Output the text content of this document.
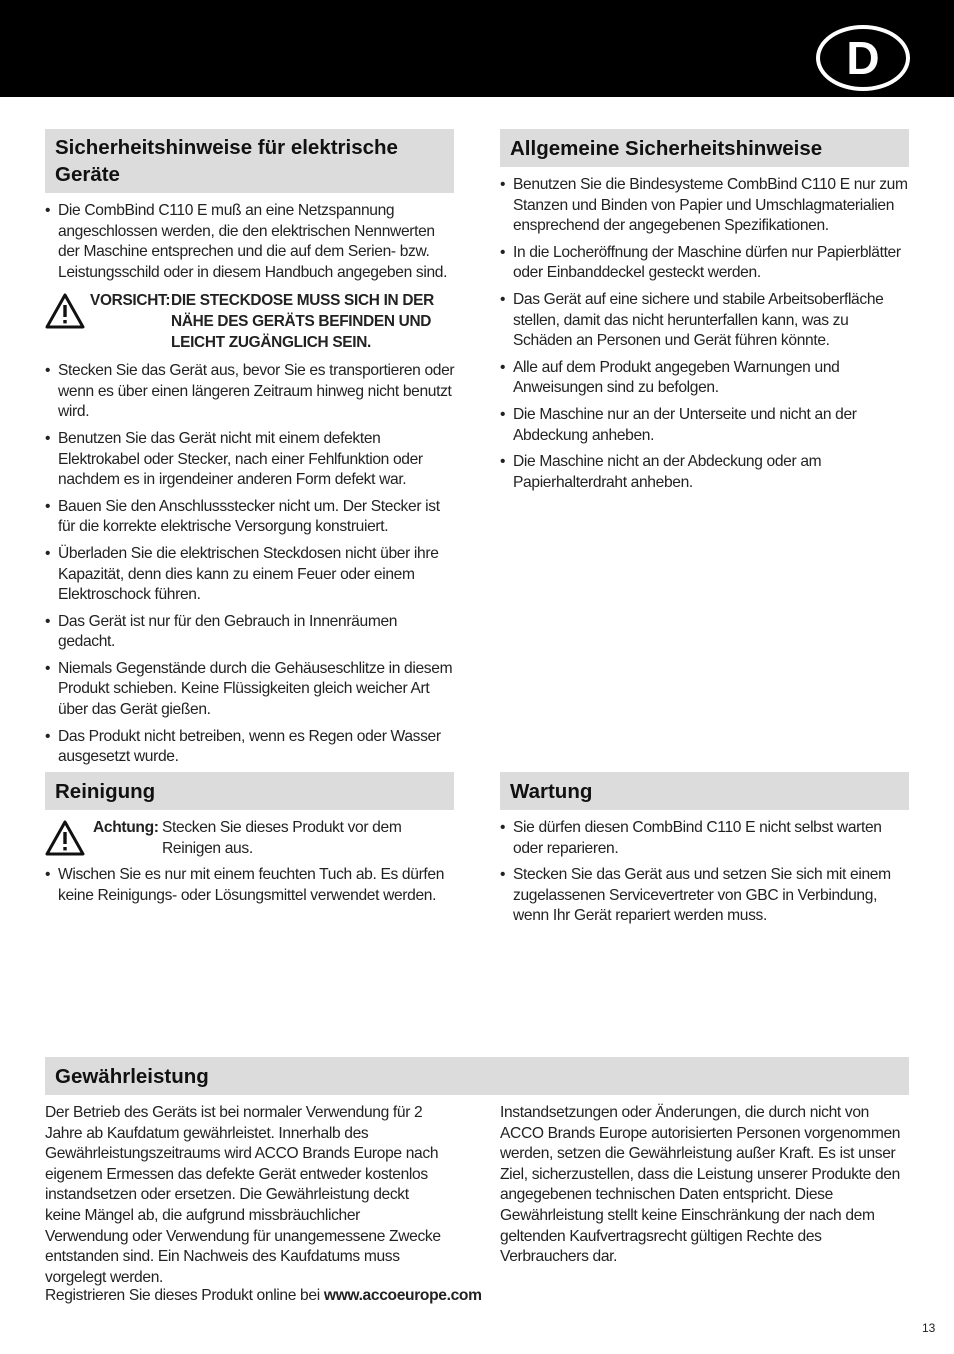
D
Sicherheitshinweise für elektrische Geräte
• Die CombBind C110 E muß an eine Netzspannung angeschlossen werden, die den elektrischen Nennwerten der Maschine entsprechen und die auf dem Serien- bzw. Leistungsschild oder in diesem Handbuch angegeben sind.
VORSICHT:DIE STECKDOSE MUSS SICH IN DER NÄHE DES GERÄTS BEFINDEN UND LEICHT ZUGÄNGLICH SEIN.
• Stecken Sie das Gerät aus, bevor Sie es transportieren oder wenn es über einen längeren Zeitraum hinweg nicht benutzt wird.
• Benutzen Sie das Gerät nicht mit einem defekten Elektrokabel oder Stecker, nach einer Fehlfunktion oder nachdem es in irgendeiner anderen Form defekt war.
• Bauen Sie den Anschlussstecker nicht um. Der Stecker ist für die korrekte elektrische Versorgung konstruiert.
• Überladen Sie die elektrischen Steckdosen nicht über ihre Kapazität, denn dies kann zu einem Feuer oder einem Elektroschock führen.
• Das Gerät ist nur für den Gebrauch in Innenräumen gedacht.
• Niemals Gegenstände durch die Gehäuseschlitze in diesem Produkt schieben. Keine Flüssigkeiten gleich weicher Art über das Gerät gießen.
• Das Produkt nicht betreiben, wenn es Regen oder Wasser ausgesetzt wurde.
Allgemeine Sicherheitshinweise
• Benutzen Sie die Bindesysteme CombBind C110 E nur zum Stanzen und Binden von Papier und Umschlagmaterialien ensprechend der angegebenen Spezifikationen.
• In die Locheröffnung der Maschine dürfen nur Papierblätter oder Einbanddeckel gesteckt werden.
• Das Gerät auf eine sichere und stabile Arbeitsoberfläche stellen, damit das nicht herunterfallen kann, was zu Schäden an Personen und Gerät führen könnte.
• Alle auf dem Produkt angegeben Warnungen und Anweisungen sind zu befolgen.
• Die Maschine nur an der Unterseite und nicht an der Abdeckung anheben.
• Die Maschine nicht an der Abdeckung oder am Papierhalterdraht anheben.
Reinigung
Achtung: Stecken Sie dieses Produkt vor dem Reinigen aus.
• Wischen Sie es nur mit einem feuchten Tuch ab. Es dürfen keine Reinigungs- oder Lösungsmittel verwendet werden.
Wartung
• Sie dürfen diesen CombBind C110 E nicht selbst warten oder reparieren.
• Stecken Sie das Gerät aus und setzen Sie sich mit einem zugelassenen Servicevertreter von GBC in Verbindung, wenn Ihr Gerät repariert werden muss.
Gewährleistung

Der Betrieb des Geräts ist bei normaler Verwendung für 2 Jahre ab Kaufdatum gewährleistet. Innerhalb des Gewährleistungszeitraums wird ACCO Brands Europe nach eigenem Ermessen das defekte Gerät entweder kostenlos instandsetzen oder ersetzen. Die Gewährleistung deckt keine Mängel ab, die aufgrund missbräuchlicher Verwendung oder Verwendung für unangemessene Zwecke entstanden sind. Ein Nachweis des Kaufdatums muss vorgelegt werden.

Instandsetzungen oder Änderungen, die durch nicht von ACCO Brands Europe autorisierten Personen vorgenommen werden, setzen die Gewährleistung außer Kraft. Es ist unser Ziel, sicherzustellen, dass die Leistung unserer Produkte den angegebenen technischen Daten entspricht. Diese Gewährleistung stellt keine Einschränkung der nach dem geltenden Kaufvertragsrecht gültigen Rechte des Verbrauchers dar.

Registrieren Sie dieses Produkt online bei www.accoeurope.com
13
